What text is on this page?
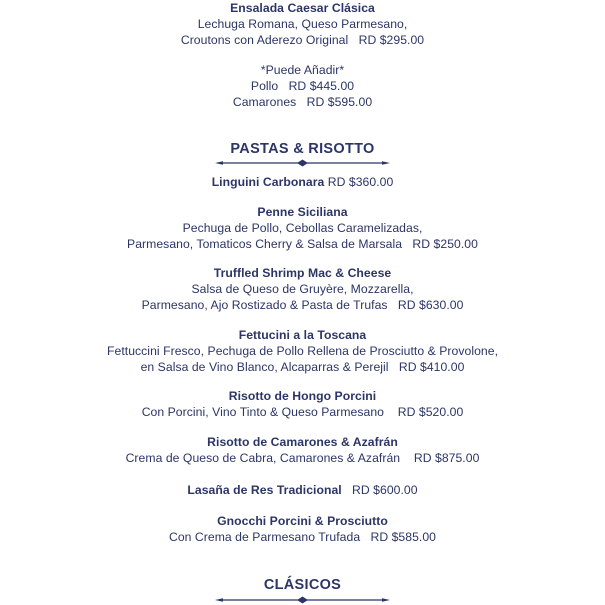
Ensalada Caesar Clásica
Lechuga Romana, Queso Parmesano,
Croutons con Aderezo Original RD $295.00
*Puede Añadir*
Pollo RD $445.00
Camarones RD $595.00
PASTAS & RISOTTO
Linguini Carbonara RD $360.00
Penne Siciliana
Pechuga de Pollo, Cebollas Caramelizadas,
Parmesano, Tomaticos Cherry & Salsa de Marsala RD $250.00
Truffled Shrimp Mac & Cheese
Salsa de Queso de Gruyère, Mozzarella,
Parmesano, Ajo Rostizado & Pasta de Trufas RD $630.00
Fettucini a la Toscana
Fettuccini Fresco, Pechuga de Pollo Rellena de Prosciutto & Provolone,
en Salsa de Vino Blanco, Alcaparras & Perejil RD $410.00
Risotto de Hongo Porcini
Con Porcini, Vino Tinto & Queso Parmesano RD $520.00
Risotto de Camarones & Azafrán
Crema de Queso de Cabra, Camarones & Azafrán RD $875.00
Lasaña de Res Tradicional RD $600.00
Gnocchi Porcini & Prosciutto
Con Crema de Parmesano Trufada RD $585.00
CLÁSICOS
